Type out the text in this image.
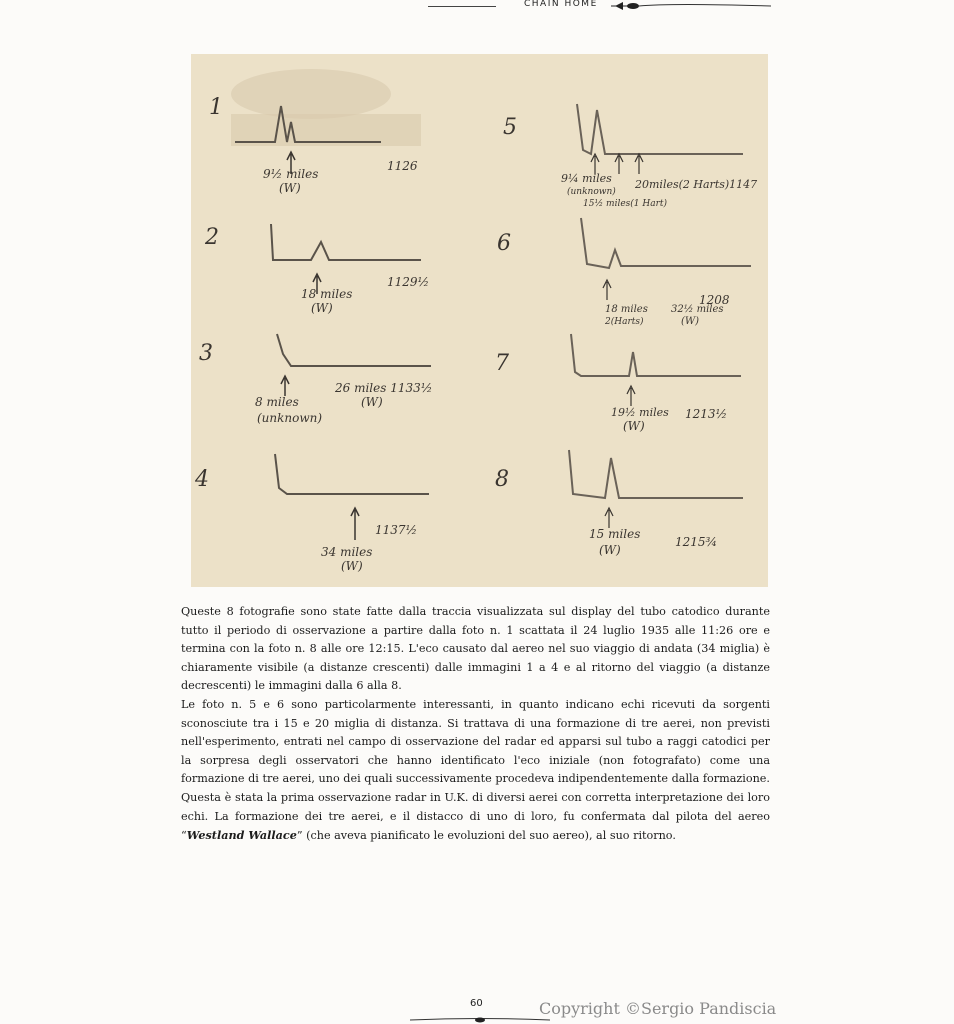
CHAIN HOME
1
9½ miles
(W)
1126
2
18 miles
(W)
1129½
3
8 miles
(unknown)
26 miles 1133½
(W)
4
1137½
34 miles
(W)
5
9¼ miles
(unknown)
15½ miles(1 Hart)
20miles(2 Harts)1147
6
18 miles
2(Harts)
32½ miles
(W)
1208
7
19½ miles
(W)
1213½
8
15 miles
(W)
1215¾

Queste 8 fotografie sono state fatte dalla traccia visualizzata sul display del tubo catodico durante tutto il periodo di osservazione a partire dalla foto n. 1 scattata il 24 luglio 1935 alle 11:26 ore e termina con la foto n. 8 alle ore 12:15. L'eco causato dal aereo nel suo viaggio di andata (34 miglia) è chiaramente visibile (a distanze crescenti) dalle immagini 1 a 4 e al ritorno del viaggio (a distanze decrescenti) le immagini dalla 6 alla 8.

Le foto n. 5 e 6 sono particolarmente interessanti, in quanto indicano echi ricevuti da sorgenti sconosciute tra i 15 e 20 miglia di distanza. Si trattava di una formazione di tre aerei, non previsti nell'esperimento, entrati nel campo di osservazione del radar ed apparsi sul tubo a raggi catodici per la sorpresa degli osservatori che hanno identificato l'eco iniziale (non fotografato) come una formazione di tre aerei, uno dei quali successivamente procedeva indipendentemente dalla formazione. Questa è stata la prima osservazione radar in U.K. di diversi aerei con corretta interpretazione dei loro echi. La formazione dei tre aerei, e il distacco di uno di loro, fu confermata dal pilota del aereo “Westland Wallace” (che aveva pianificato le evoluzioni del suo aereo), al suo ritorno.

60	Copyright ©Sergio Pandiscia
